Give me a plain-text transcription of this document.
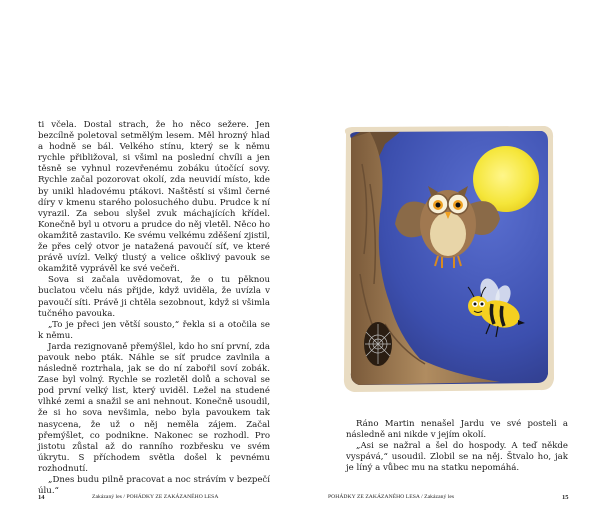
ti včela. Dostal strach, že ho něco sežere. Jen bezcílně poletoval setmělým lesem. Měl hrozný hlad a hodně se bál. Velkého stínu, který se k němu rychle přibližoval, si všiml na poslední chvíli a jen těsně se vyhnul rozevřenému zobáku útočící sovy. Rychle začal pozorovat okolí, zda neuvidí místo, kde by unikl hladovému ptákovi. Naštěstí si všiml černé díry v kmenu starého polosuchého dubu. Prudce k ní vyrazil. Za sebou slyšel zvuk máchajících křídel. Konečně byl u otvoru a prudce do něj vletěl. Něco ho okamžitě zastavilo. Ke svému velkému zděšení zjistil, že přes celý otvor je natažená pavoučí síť, ve které právě uvízl. Velký tlustý a velice ošklivý pavouk se okamžitě vyprávěl ke své večeři.

Sova si začala uvědomovat, že o tu pěknou buclatou včelu nás přijde, když uviděla, že uvízla v pavoučí síti. Právě ji chtěla sezobnout, když si všimla tučného pavouka.

„To je přeci jen větší sousto,“ řekla si a otočila se k němu.

Jarda rezignovaně přemýšlel, kdo ho sní první, zda pavouk nebo pták. Náhle se síť prudce zavlnila a následně roztrhala, jak se do ní zabořil soví zobák. Zase byl volný. Rychle se rozletěl dolů a schoval se pod první velký list, který uviděl. Ležel na studené vlhké zemi a snažil se ani nehnout. Konečně usoudil, že si ho sova nevšimla, nebo byla pavoukem tak nasycena, že už o něj neměla zájem. Začal přemýšlet, co podnikne. Nakonec se rozhodl. Pro jistotu zůstal až do ranního rozbřesku ve svém úkrytu. S příchodem světla došel k pevnému rozhodnutí.

„Dnes budu pilně pracovat a noc strávím v bezpečí úlu.“

14	Zakázaný les / POHÁDKY ZE ZAKÁZANÉHO LESA	POHÁDKY ZE ZAKÁZANÉHO LESA / Zakázaný les	15

Ráno Martin nenašel Jardu ve své posteli a následně ani nikde v jejím okolí.

„Asi se nažral a šel do hospody. A teď někde vyspává,“ usoudil. Zlobil se na něj. Štvalo ho, jak je líný a vůbec mu na statku nepomáhá.
